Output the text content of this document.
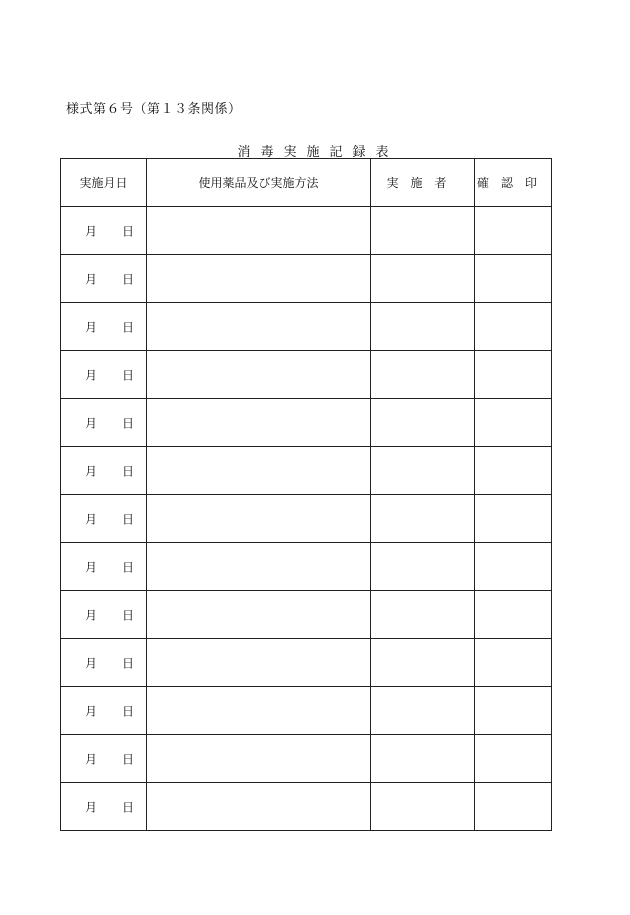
様式第６号（第１３条関係）
消毒実施記録表
実施月日	使用薬品及び実施方法	実施者	確認印

月 日			

月 日			

月 日			

月 日			

月 日			

月 日			

月 日			

月 日			

月 日			

月 日			

月 日			

月 日			

月 日			
